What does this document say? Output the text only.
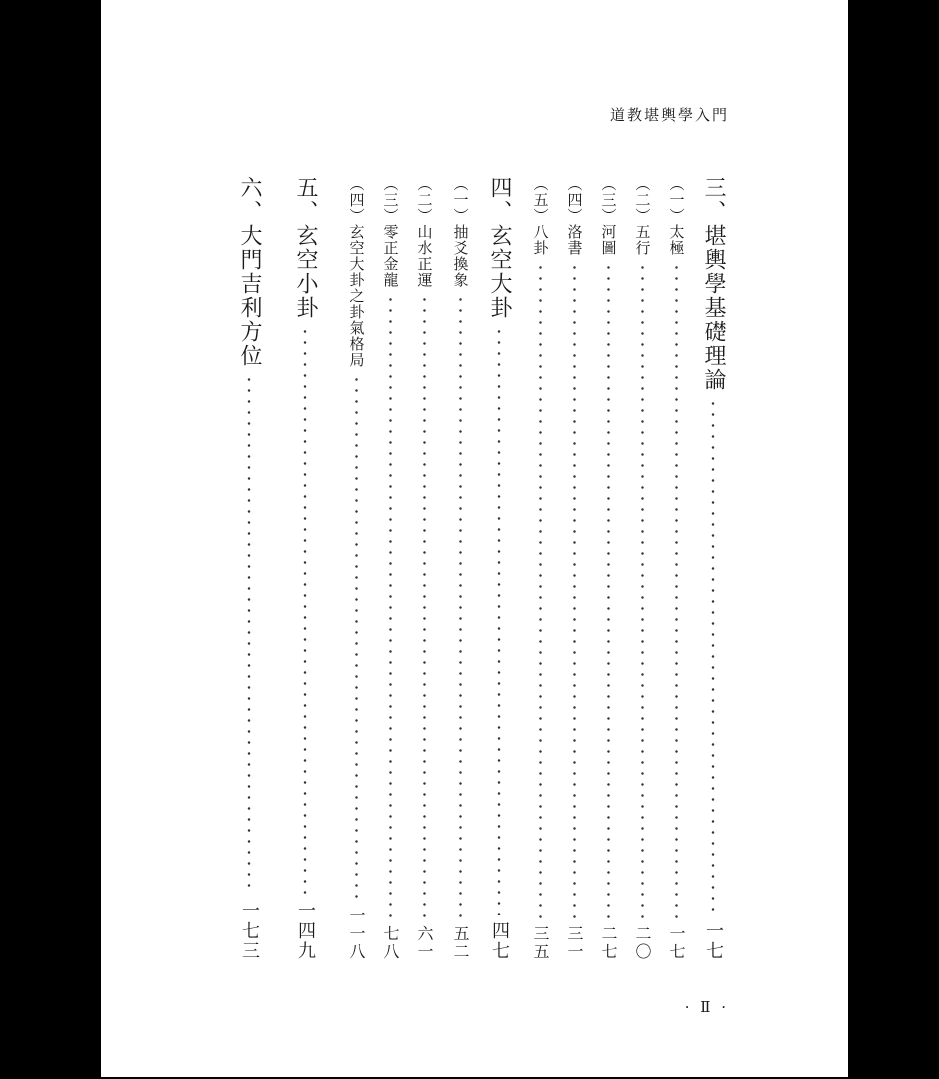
道教堪輿學入門
三、堪輿學基礎理論
一七
（一）太極
一七
（二）五行
二〇
（三）河圖
二七
（四）洛書
三一
（五）八卦
三五
· Ⅱ ·
四、玄空大卦
四七
（一）抽爻換象
五二
（二）山水正運
六一
（三）零正金龍
七八
（四）玄空大卦之卦氣格局
一一八
五、玄空小卦
一四九
六、大門吉利方位
一七三
